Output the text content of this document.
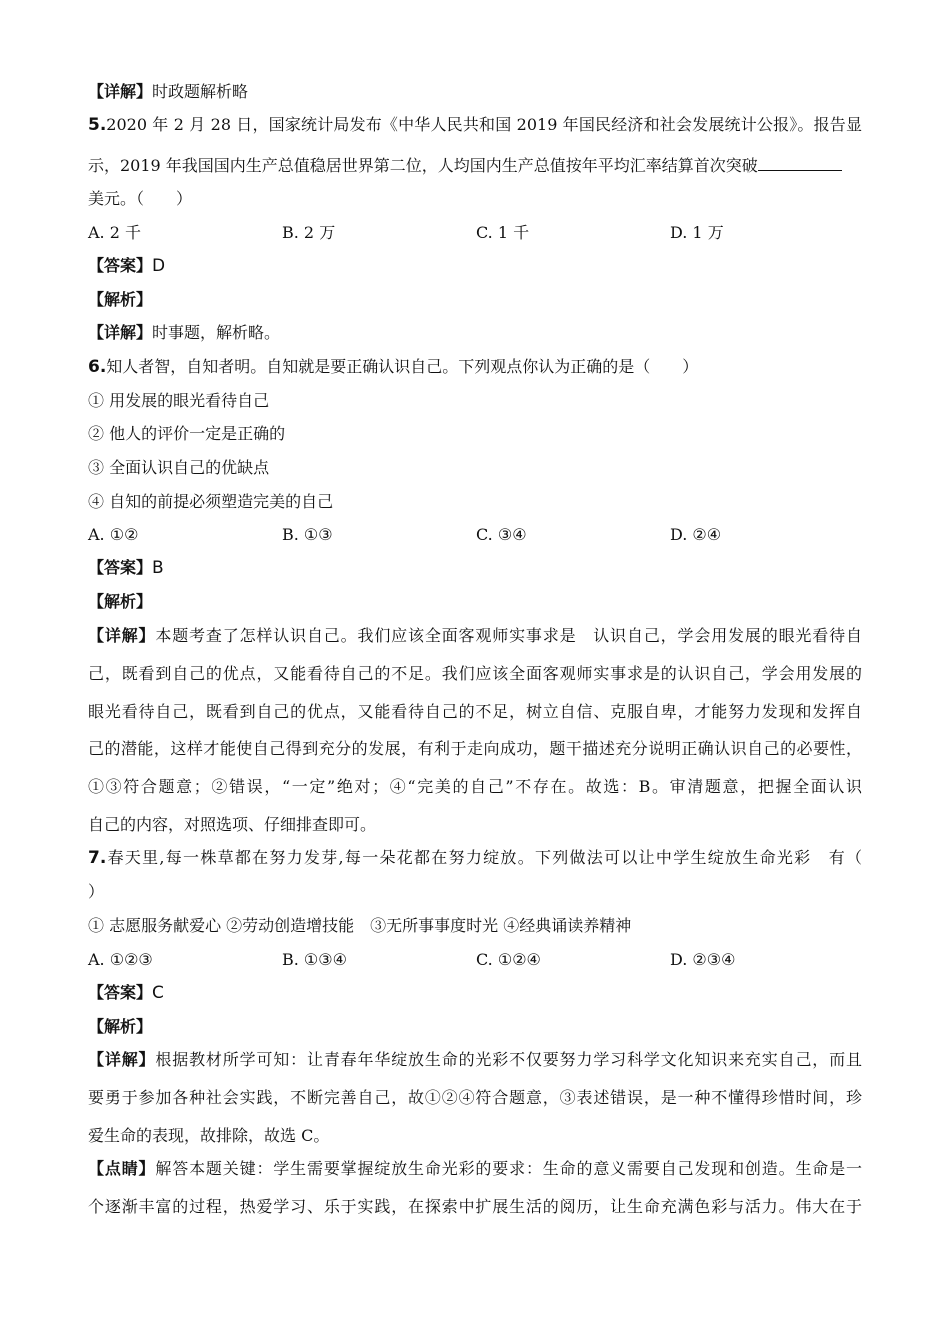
【详解】时政题解析略
5.2020 年 2 月 28 日，国家统计局发布《中华人民共和国 2019 年国民经济和社会发展统计公报》。报告显
示，2019 年我国国内生产总值稳居世界第二位，人均国内生产总值按年平均汇率结算首次突破
美元。（　　）
A. 2 千	B. 2 万	C. 1 千	D. 1 万
【答案】D
【解析】
【详解】时事题，解析略。
6.知人者智，自知者明。自知就是要正确认识自己。下列观点你认为正确的是（　　）
① 用发展的眼光看待自己
② 他人的评价一定是正确的
③ 全面认识自己的优缺点
④ 自知的前提必须塑造完美的自己
A. ①②	B. ①③	C. ③④	D. ②④
【答案】B
【解析】
【详解】本题考查了怎样认识自己。我们应该全面客观师实事求是 认识自己，学会用发展的眼光看待自
己，既看到自己的优点，又能看待自己的不足。我们应该全面客观师实事求是的认识自己，学会用发展的
眼光看待自己，既看到自己的优点，又能看待自己的不足，树立自信、克服自卑，才能努力发现和发挥自
己的潜能，这样才能使自己得到充分的发展，有利于走向成功，题干描述充分说明正确认识自己的必要性，
①③符合题意；②错误，“一定”绝对；④“完美的自己”不存在。故选：B。审清题意，把握全面认识
自己的内容，对照选项、仔细排查即可。
7.春天里,每一株草都在努力发芽,每一朵花都在努力绽放。下列做法可以让中学生绽放生命光彩 有（
）
① 志愿服务献爱心 ②劳动创造增技能　③无所事事度时光 ④经典诵读养精神
A. ①②③	B. ①③④	C. ①②④	D. ②③④
【答案】C
【解析】
【详解】根据教材所学可知：让青春年华绽放生命的光彩不仅要努力学习科学文化知识来充实自己，而且
要勇于参加各种社会实践，不断完善自己，故①②④符合题意，③表述错误，是一种不懂得珍惜时间，珍
爱生命的表现，故排除，故选 C。
【点睛】解答本题关键：学生需要掌握绽放生命光彩的要求：生命的意义需要自己发现和创造。生命是一
个逐渐丰富的过程，热爱学习、乐于实践，在探索中扩展生活的阅历，让生命充满色彩与活力。伟大在于
